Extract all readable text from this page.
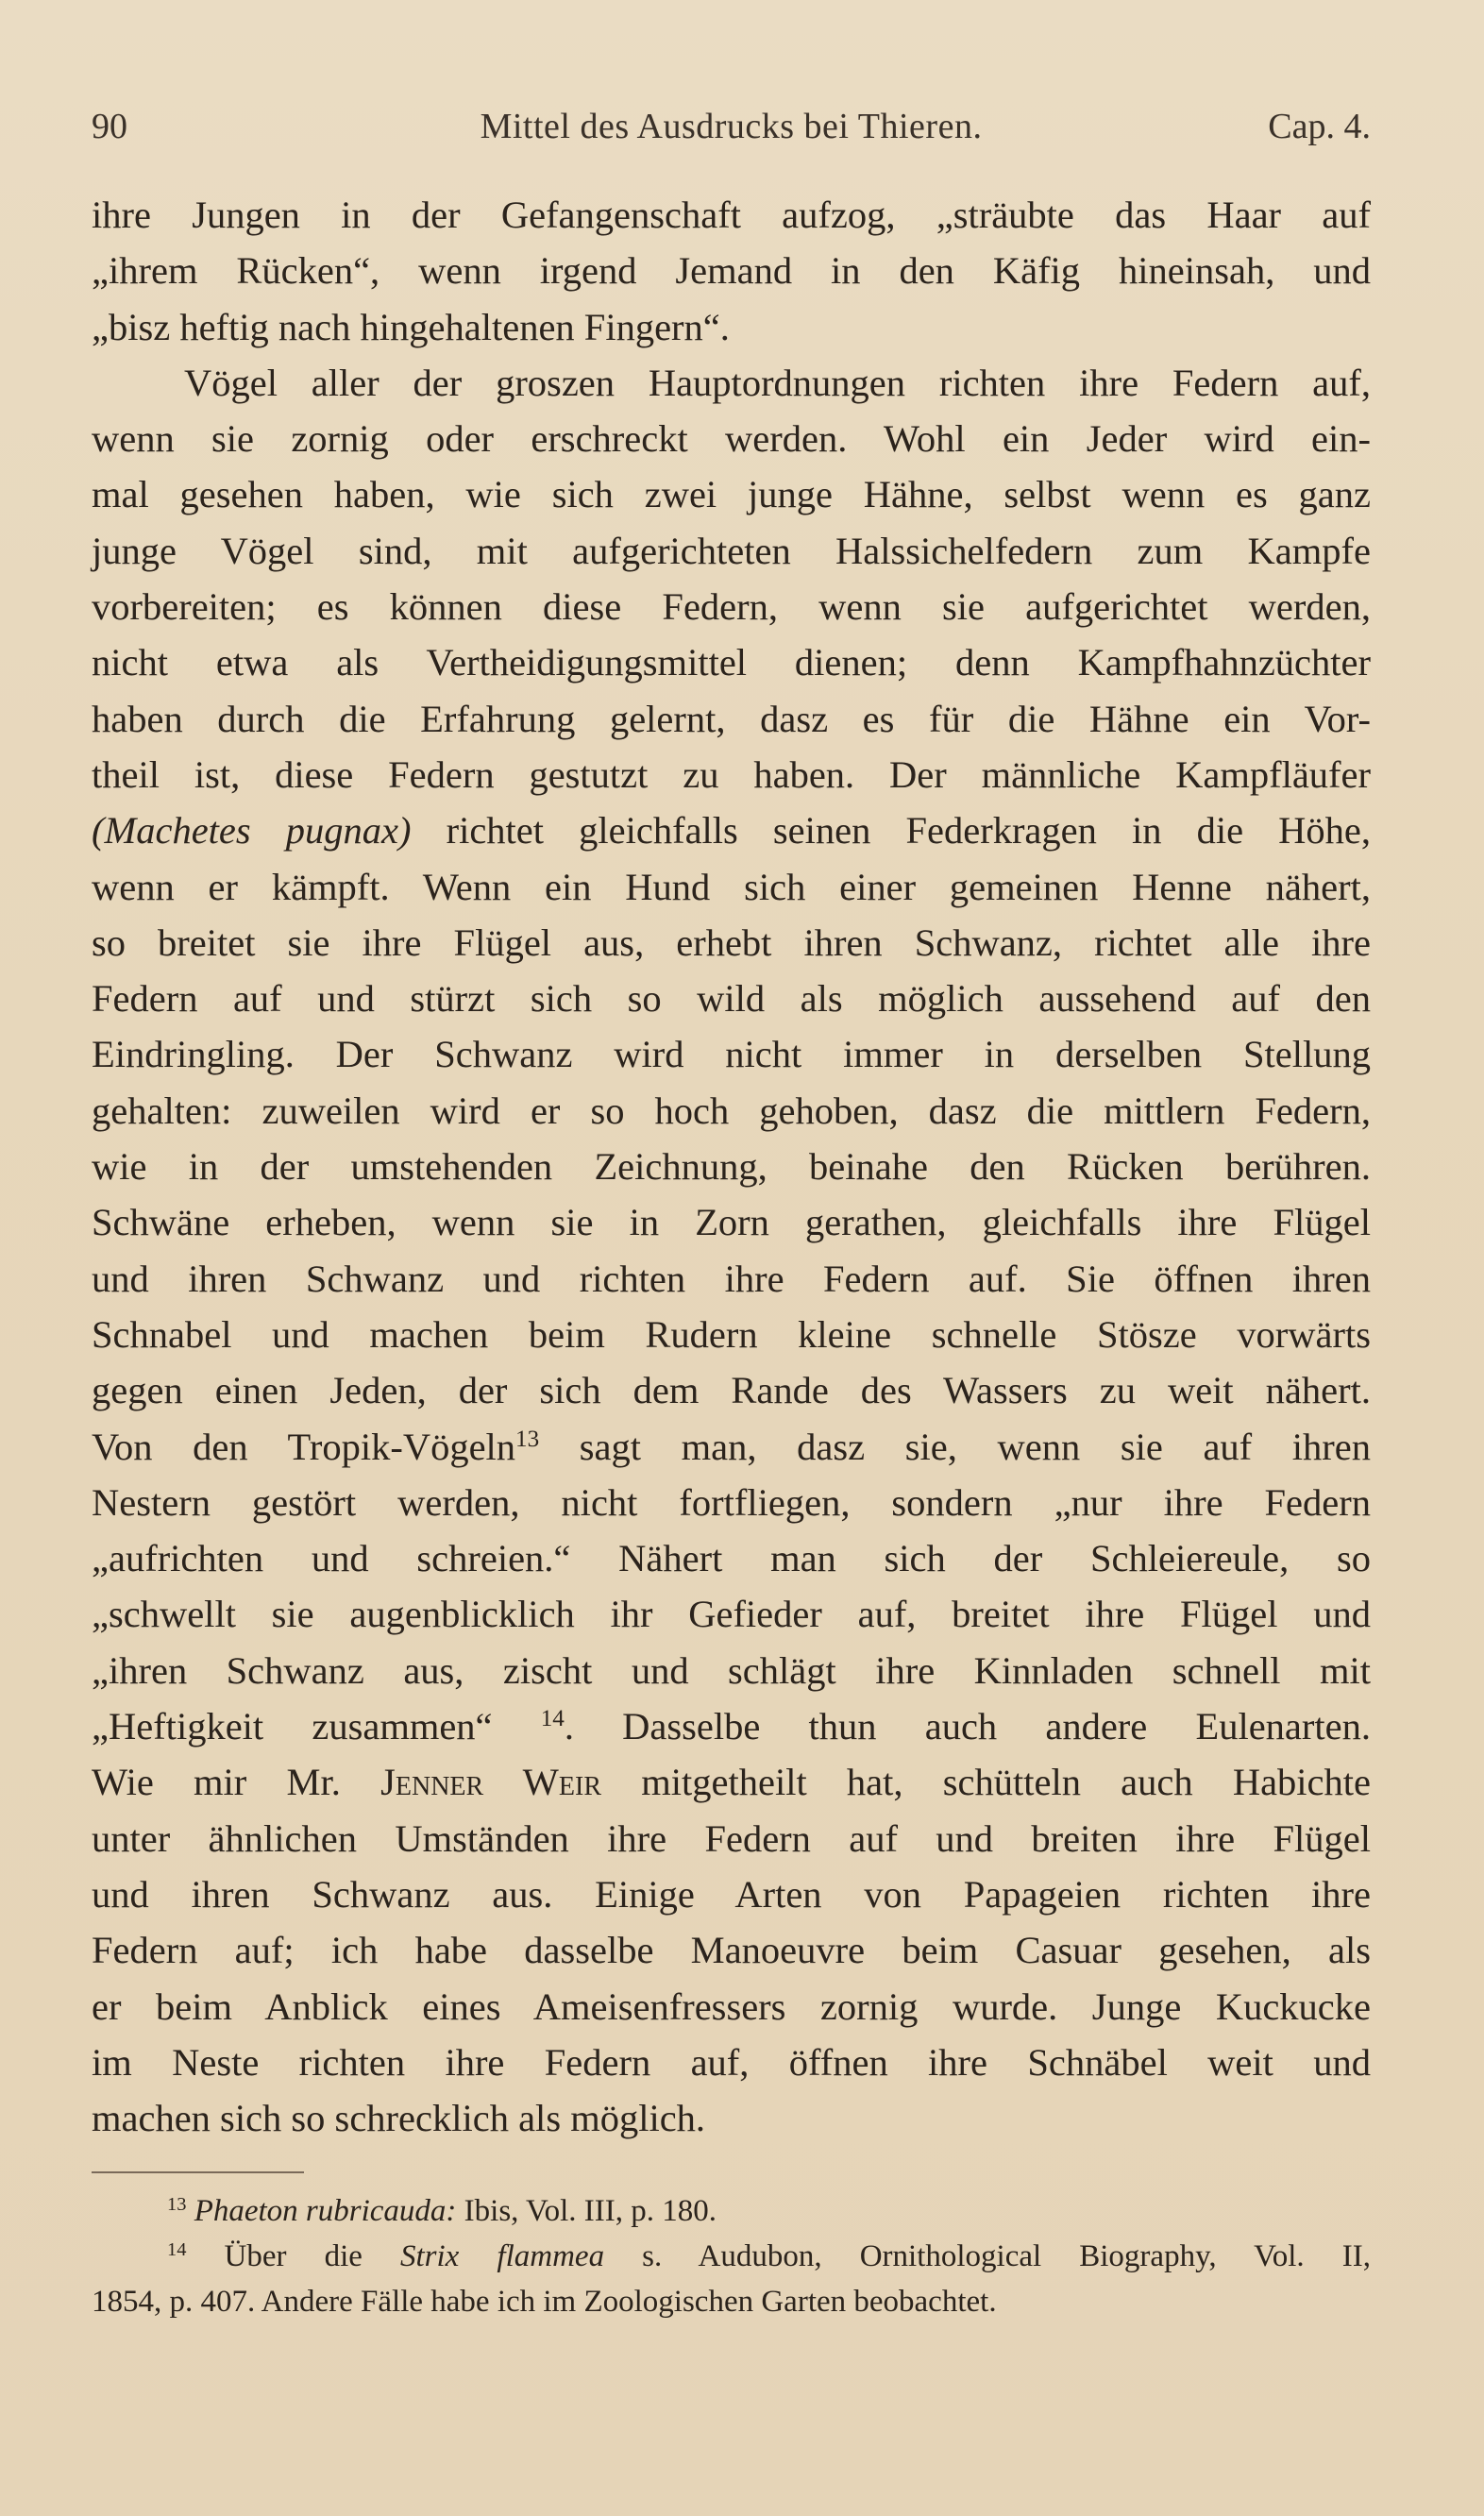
90	Mittel des Ausdrucks bei Thieren.	Cap. 4.
ihre Jungen in der Gefangenschaft aufzog, „sträubte das Haar auf
„ihrem Rücken“, wenn irgend Jemand in den Käfig hineinsah, und
„bisz heftig nach hingehaltenen Fingern“.
Vögel aller der groszen Hauptordnungen richten ihre Federn auf,
wenn sie zornig oder erschreckt werden. Wohl ein Jeder wird ein-
mal gesehen haben, wie sich zwei junge Hähne, selbst wenn es ganz
junge Vögel sind, mit aufgerichteten Halssichelfedern zum Kampfe
vorbereiten; es können diese Federn, wenn sie aufgerichtet werden,
nicht etwa als Vertheidigungsmittel dienen; denn Kampfhahnzüchter
haben durch die Erfahrung gelernt, dasz es für die Hähne ein Vor-
theil ist, diese Federn gestutzt zu haben. Der männliche Kampfläufer
(Machetes pugnax) richtet gleichfalls seinen Federkragen in die Höhe,
wenn er kämpft. Wenn ein Hund sich einer gemeinen Henne nähert,
so breitet sie ihre Flügel aus, erhebt ihren Schwanz, richtet alle ihre
Federn auf und stürzt sich so wild als möglich aussehend auf den
Eindringling. Der Schwanz wird nicht immer in derselben Stellung
gehalten: zuweilen wird er so hoch gehoben, dasz die mittlern Federn,
wie in der umstehenden Zeichnung, beinahe den Rücken berühren.
Schwäne erheben, wenn sie in Zorn gerathen, gleichfalls ihre Flügel
und ihren Schwanz und richten ihre Federn auf. Sie öffnen ihren
Schnabel und machen beim Rudern kleine schnelle Stösze vorwärts
gegen einen Jeden, der sich dem Rande des Wassers zu weit nähert.
Von den Tropik-Vögeln$^{13}$ sagt man, dasz sie, wenn sie auf ihren
Nestern gestört werden, nicht fortfliegen, sondern „nur ihre Federn
„aufrichten und schreien.“ Nähert man sich der Schleiereule, so
„schwellt sie augenblicklich ihr Gefieder auf, breitet ihre Flügel und
„ihren Schwanz aus, zischt und schlägt ihre Kinnladen schnell mit
„Heftigkeit zusammen“ $^{14}$. Dasselbe thun auch andere Eulenarten.
Wie mir Mr. Jenner Weir mitgetheilt hat, schütteln auch Habichte
unter ähnlichen Umständen ihre Federn auf und breiten ihre Flügel
und ihren Schwanz aus. Einige Arten von Papageien richten ihre
Federn auf; ich habe dasselbe Manoeuvre beim Casuar gesehen, als
er beim Anblick eines Ameisenfressers zornig wurde. Junge Kuckucke
im Neste richten ihre Federn auf, öffnen ihre Schnäbel weit und
machen sich so schrecklich als möglich.
$^{13}$ Phaeton rubricauda: Ibis, Vol. III, p. 180.
$^{14}$ Über die Strix flammea s. Audubon, Ornithological Biography, Vol. II,
1854, p. 407. Andere Fälle habe ich im Zoologischen Garten beobachtet.
